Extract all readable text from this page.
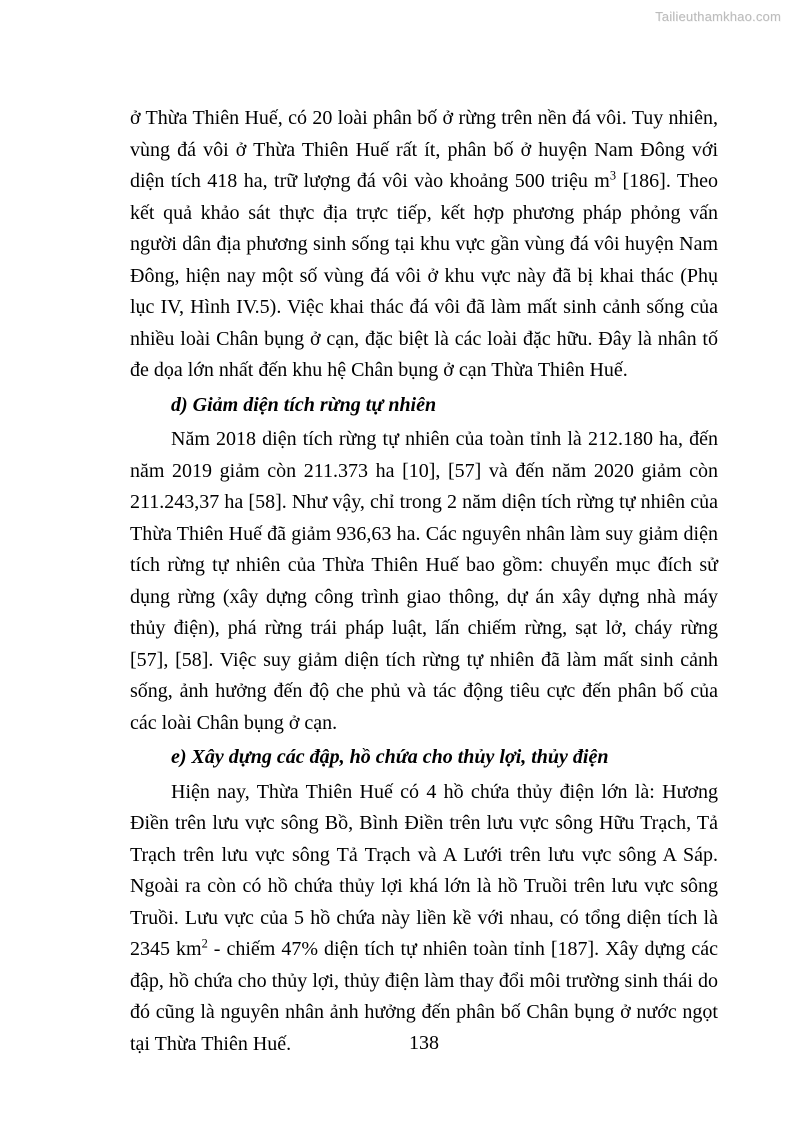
Tailieuthamkhao.com

ở Thừa Thiên Huế, có 20 loài phân bố ở rừng trên nền đá vôi. Tuy nhiên, vùng đá vôi ở Thừa Thiên Huế rất ít, phân bố ở huyện Nam Đông với diện tích 418 ha, trữ lượng đá vôi vào khoảng 500 triệu $m^3$ [186]. Theo kết quả khảo sát thực địa trực tiếp, kết hợp phương pháp phỏng vấn người dân địa phương sinh sống tại khu vực gần vùng đá vôi huyện Nam Đông, hiện nay một số vùng đá vôi ở khu vực này đã bị khai thác (Phụ lục IV, Hình IV.5). Việc khai thác đá vôi đã làm mất sinh cảnh sống của nhiều loài Chân bụng ở cạn, đặc biệt là các loài đặc hữu. Đây là nhân tố đe dọa lớn nhất đến khu hệ Chân bụng ở cạn Thừa Thiên Huế.

d) Giảm diện tích rừng tự nhiên

Năm 2018 diện tích rừng tự nhiên của toàn tỉnh là 212.180 ha, đến năm 2019 giảm còn 211.373 ha [10], [57] và đến năm 2020 giảm còn 211.243,37 ha [58]. Như vậy, chỉ trong 2 năm diện tích rừng tự nhiên của Thừa Thiên Huế đã giảm 936,63 ha. Các nguyên nhân làm suy giảm diện tích rừng tự nhiên của Thừa Thiên Huế bao gồm: chuyển mục đích sử dụng rừng (xây dựng công trình giao thông, dự án xây dựng nhà máy thủy điện), phá rừng trái pháp luật, lấn chiếm rừng, sạt lở, cháy rừng [57], [58]. Việc suy giảm diện tích rừng tự nhiên đã làm mất sinh cảnh sống, ảnh hưởng đến độ che phủ và tác động tiêu cực đến phân bố của các loài Chân bụng ở cạn.

e) Xây dựng các đập, hồ chứa cho thủy lợi, thủy điện

Hiện nay, Thừa Thiên Huế có 4 hồ chứa thủy điện lớn là: Hương Điền trên lưu vực sông Bồ, Bình Điền trên lưu vực sông Hữu Trạch, Tả Trạch trên lưu vực sông Tả Trạch và A Lưới trên lưu vực sông A Sáp. Ngoài ra còn có hồ chứa thủy lợi khá lớn là hồ Truồi trên lưu vực sông Truồi. Lưu vực của 5 hồ chứa này liền kề với nhau, có tổng diện tích là 2345 $km^2$ - chiếm 47% diện tích tự nhiên toàn tỉnh [187]. Xây dựng các đập, hồ chứa cho thủy lợi, thủy điện làm thay đổi môi trường sinh thái do đó cũng là nguyên nhân ảnh hưởng đến phân bố Chân bụng ở nước ngọt tại Thừa Thiên Huế.	138
